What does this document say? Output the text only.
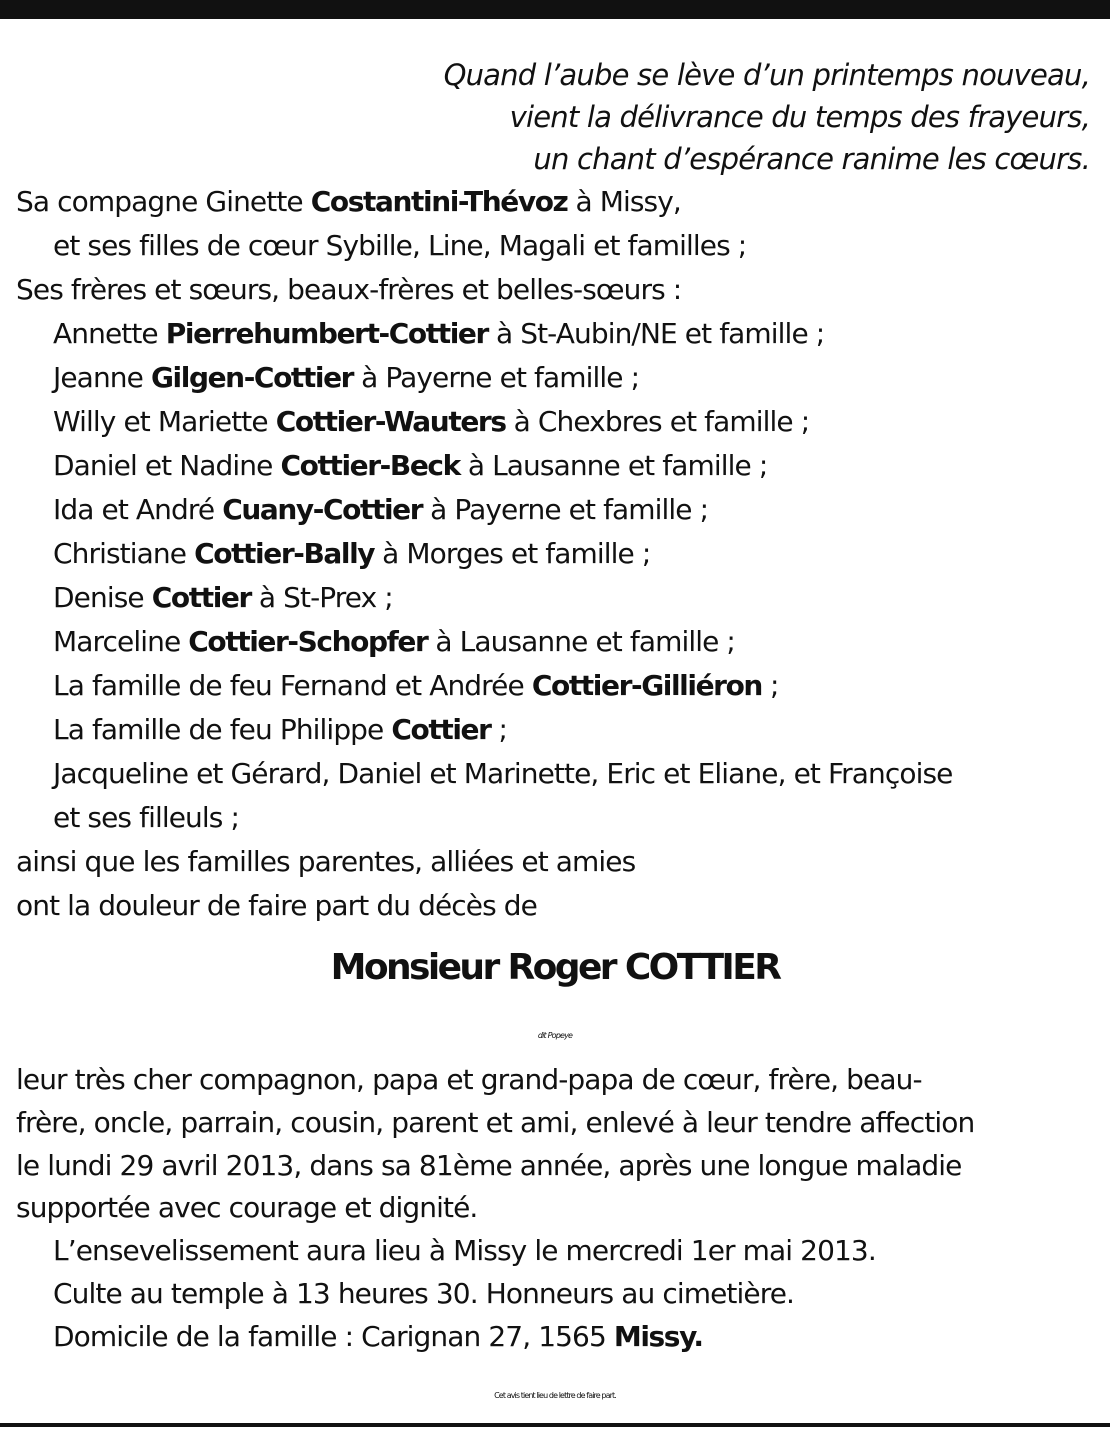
Quand l’aube se lève d’un printemps nouveau,
vient la délivrance du temps des frayeurs,
un chant d’espérance ranime les cœurs.
Sa compagne Ginette Costantini-Thévoz à Missy,
et ses filles de cœur Sybille, Line, Magali et familles ;
Ses frères et sœurs, beaux-frères et belles-sœurs :
Annette Pierrehumbert-Cottier à St-Aubin/NE et famille ;
Jeanne Gilgen-Cottier à Payerne et famille ;
Willy et Mariette Cottier-Wauters à Chexbres et famille ;
Daniel et Nadine Cottier-Beck à Lausanne et famille ;
Ida et André Cuany-Cottier à Payerne et famille ;
Christiane Cottier-Bally à Morges et famille ;
Denise Cottier à St-Prex ;
Marceline Cottier-Schopfer à Lausanne et famille ;
La famille de feu Fernand et Andrée Cottier-Gilliéron ;
La famille de feu Philippe Cottier ;
Jacqueline et Gérard, Daniel et Marinette, Eric et Eliane, et Françoise
et ses filleuls ;
ainsi que les familles parentes, alliées et amies
ont la douleur de faire part du décès de
Monsieur Roger COTTIER
dit Popeye
leur très cher compagnon, papa et grand-papa de cœur, frère, beau-
frère, oncle, parrain, cousin, parent et ami, enlevé à leur tendre affection
le lundi 29 avril 2013, dans sa 81ème année, après une longue maladie
supportée avec courage et dignité.
L’ensevelissement aura lieu à Missy le mercredi 1er mai 2013.
Culte au temple à 13 heures 30. Honneurs au cimetière.
Domicile de la famille : Carignan 27, 1565 Missy.
Cet avis tient lieu de lettre de faire part.
